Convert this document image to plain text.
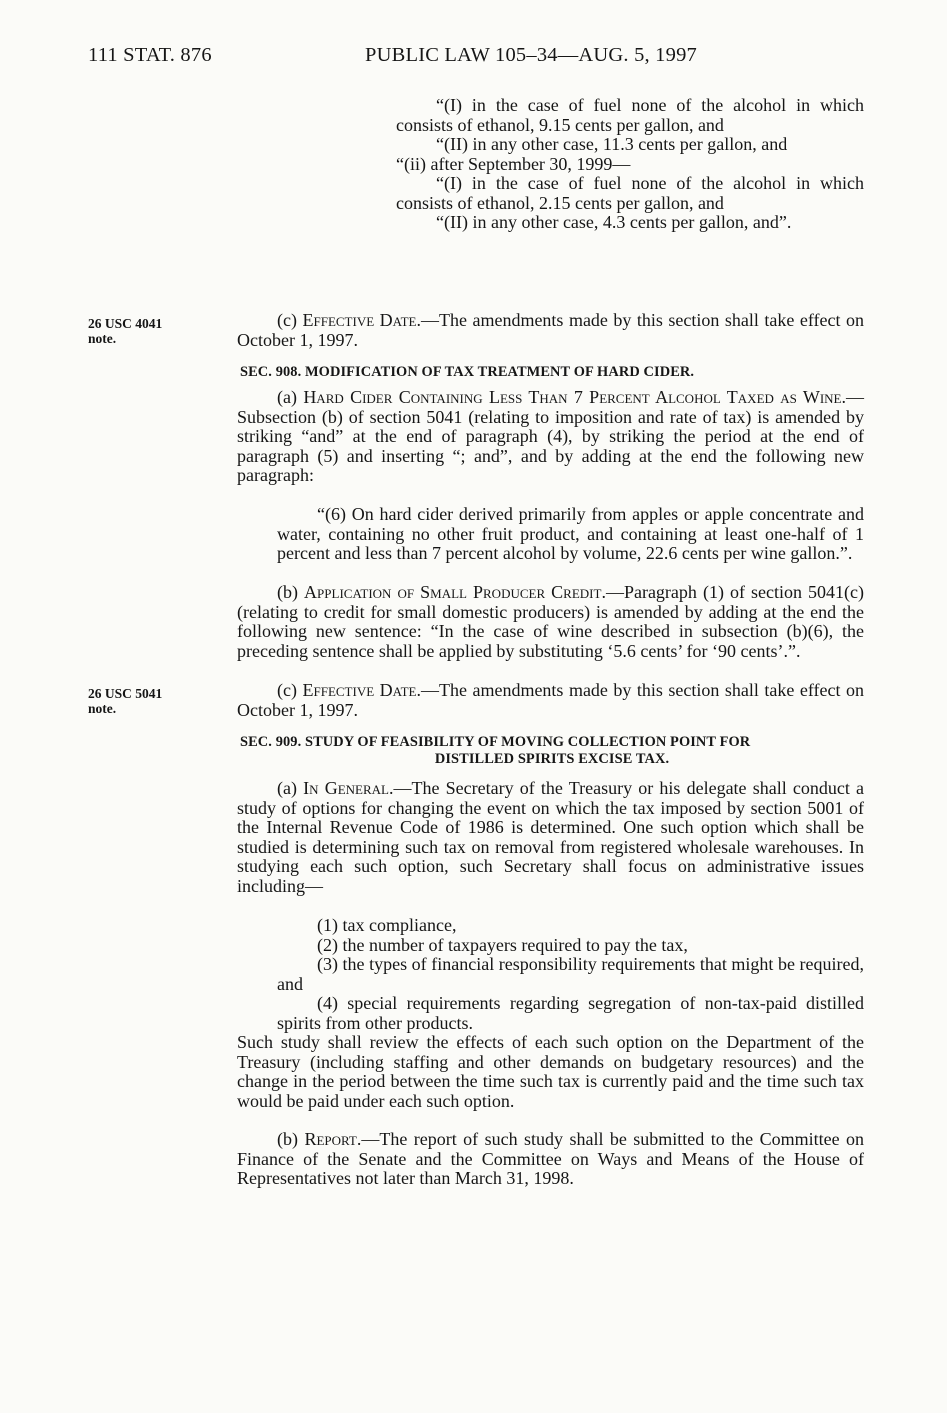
111 STAT. 876	PUBLIC LAW 105–34—AUG. 5, 1997

“(I) in the case of fuel none of the alcohol in which consists of ethanol, 9.15 cents per gallon, and

“(II) in any other case, 11.3 cents per gallon, and

“(ii) after September 30, 1999—

“(I) in the case of fuel none of the alcohol in which consists of ethanol, 2.15 cents per gallon, and

“(II) in any other case, 4.3 cents per gallon, and”.

26 USC 4041
note.

(c) Effective Date.—The amendments made by this section shall take effect on October 1, 1997.

SEC. 908. MODIFICATION OF TAX TREATMENT OF HARD CIDER.

(a) Hard Cider Containing Less Than 7 Percent Alcohol Taxed as Wine.—Subsection (b) of section 5041 (relating to imposition and rate of tax) is amended by striking “and” at the end of paragraph (4), by striking the period at the end of paragraph (5) and inserting “; and”, and by adding at the end the following new paragraph:

“(6) On hard cider derived primarily from apples or apple concentrate and water, containing no other fruit product, and containing at least one-half of 1 percent and less than 7 percent alcohol by volume, 22.6 cents per wine gallon.”.

(b) Application of Small Producer Credit.—Paragraph (1) of section 5041(c) (relating to credit for small domestic producers) is amended by adding at the end the following new sentence: “In the case of wine described in subsection (b)(6), the preceding sentence shall be applied by substituting ‘5.6 cents’ for ‘90 cents’.”.

26 USC 5041
note.

(c) Effective Date.—The amendments made by this section shall take effect on October 1, 1997.

SEC. 909. STUDY OF FEASIBILITY OF MOVING COLLECTION POINT FOR
DISTILLED SPIRITS EXCISE TAX.

(a) In General.—The Secretary of the Treasury or his delegate shall conduct a study of options for changing the event on which the tax imposed by section 5001 of the Internal Revenue Code of 1986 is determined. One such option which shall be studied is determining such tax on removal from registered wholesale warehouses. In studying each such option, such Secretary shall focus on administrative issues including—

(1) tax compliance,

(2) the number of taxpayers required to pay the tax,

(3) the types of financial responsibility requirements that might be required, and

(4) special requirements regarding segregation of non-tax-paid distilled spirits from other products.

Such study shall review the effects of each such option on the Department of the Treasury (including staffing and other demands on budgetary resources) and the change in the period between the time such tax is currently paid and the time such tax would be paid under each such option.

(b) Report.—The report of such study shall be submitted to the Committee on Finance of the Senate and the Committee on Ways and Means of the House of Representatives not later than March 31, 1998.
